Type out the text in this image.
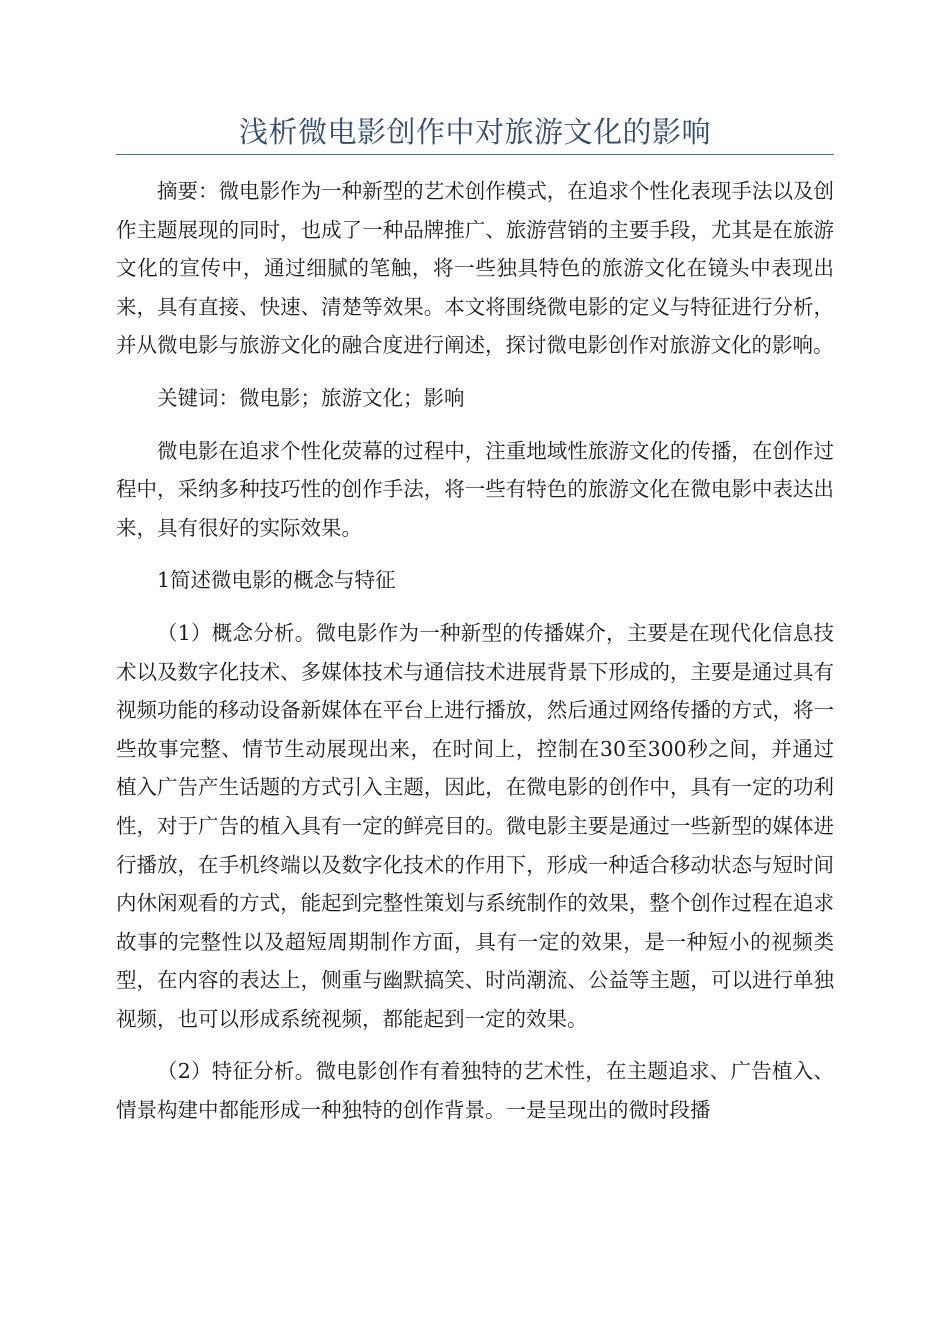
浅析微电影创作中对旅游文化的影响

摘要：微电影作为一种新型的艺术创作模式，在追求个性化表现手法以及创作主题展现的同时，也成了一种品牌推广、旅游营销的主要手段，尤其是在旅游文化的宣传中，通过细腻的笔触，将一些独具特色的旅游文化在镜头中表现出来，具有直接、快速、清楚等效果。本文将围绕微电影的定义与特征进行分析，并从微电影与旅游文化的融合度进行阐述，探讨微电影创作对旅游文化的影响。

关键词：微电影；旅游文化；影响

微电影在追求个性化荧幕的过程中，注重地域性旅游文化的传播，在创作过程中，采纳多种技巧性的创作手法，将一些有特色的旅游文化在微电影中表达出来，具有很好的实际效果。

1简述微电影的概念与特征

（1）概念分析。微电影作为一种新型的传播媒介，主要是在现代化信息技术以及数字化技术、多媒体技术与通信技术进展背景下形成的，主要是通过具有视频功能的移动设备新媒体在平台上进行播放，然后通过网络传播的方式，将一些故事完整、情节生动展现出来，在时间上，控制在30至300秒之间，并通过植入广告产生话题的方式引入主题，因此，在微电影的创作中，具有一定的功利性，对于广告的植入具有一定的鲜亮目的。微电影主要是通过一些新型的媒体进行播放，在手机终端以及数字化技术的作用下，形成一种适合移动状态与短时间内休闲观看的方式，能起到完整性策划与系统制作的效果，整个创作过程在追求故事的完整性以及超短周期制作方面，具有一定的效果，是一种短小的视频类型，在内容的表达上，侧重与幽默搞笑、时尚潮流、公益等主题，可以进行单独视频，也可以形成系统视频，都能起到一定的效果。

（2）特征分析。微电影创作有着独特的艺术性，在主题追求、广告植入、情景构建中都能形成一种独特的创作背景。一是呈现出的微时段播
